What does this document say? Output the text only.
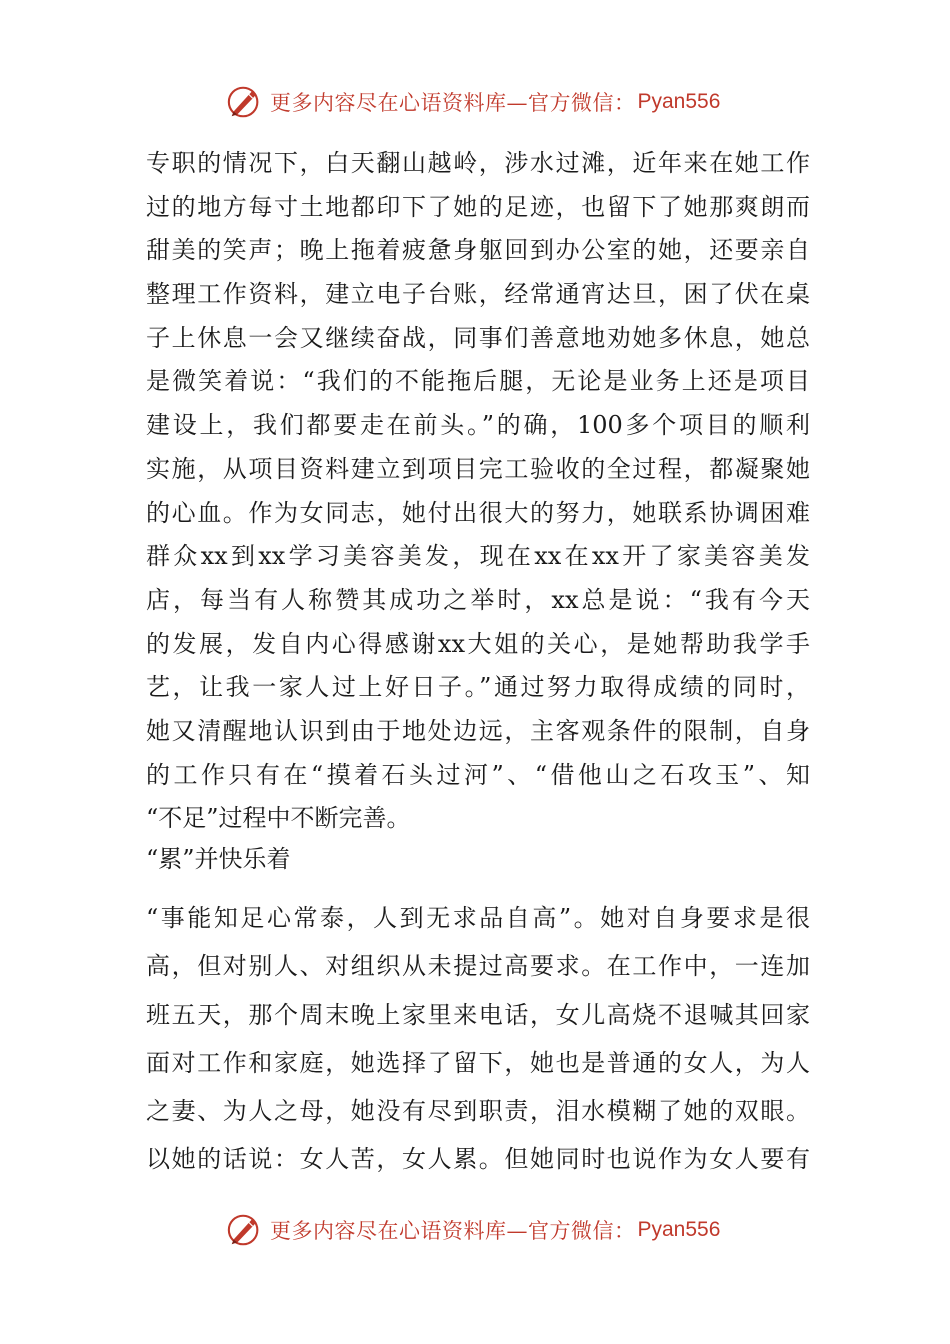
更多内容尽在心语资料库—官方微信： Pyan556
专职的情况下，白天翻山越岭，涉水过滩，近年来在她工作
过的地方每寸土地都印下了她的足迹，也留下了她那爽朗而
甜美的笑声；晚上拖着疲惫身躯回到办公室的她，还要亲自
整理工作资料，建立电子台账，经常通宵达旦，困了伏在桌
子上休息一会又继续奋战，同事们善意地劝她多休息，她总
是微笑着说：“我们的不能拖后腿，无论是业务上还是项目
建设上，我们都要走在前头。”的确，100多个项目的顺利
实施，从项目资料建立到项目完工验收的全过程，都凝聚她
的心血。作为女同志，她付出很大的努力，她联系协调困难
群众xx到xx学习美容美发，现在xx在xx开了家美容美发
店，每当有人称赞其成功之举时，xx总是说：“我有今天
的发展，发自内心得感谢xx大姐的关心，是她帮助我学手
艺，让我一家人过上好日子。”通过努力取得成绩的同时，
她又清醒地认识到由于地处边远，主客观条件的限制，自身
的工作只有在“摸着石头过河”、“借他山之石攻玉”、知
“不足”过程中不断完善。
“累”并快乐着
“事能知足心常泰，人到无求品自高”。她对自身要求是很
高，但对别人、对组织从未提过高要求。在工作中，一连加
班五天，那个周末晚上家里来电话，女儿高烧不退喊其回家
面对工作和家庭，她选择了留下，她也是普通的女人，为人
之妻、为人之母，她没有尽到职责，泪水模糊了她的双眼。
以她的话说：女人苦，女人累。但她同时也说作为女人要有
更多内容尽在心语资料库—官方微信： Pyan556
